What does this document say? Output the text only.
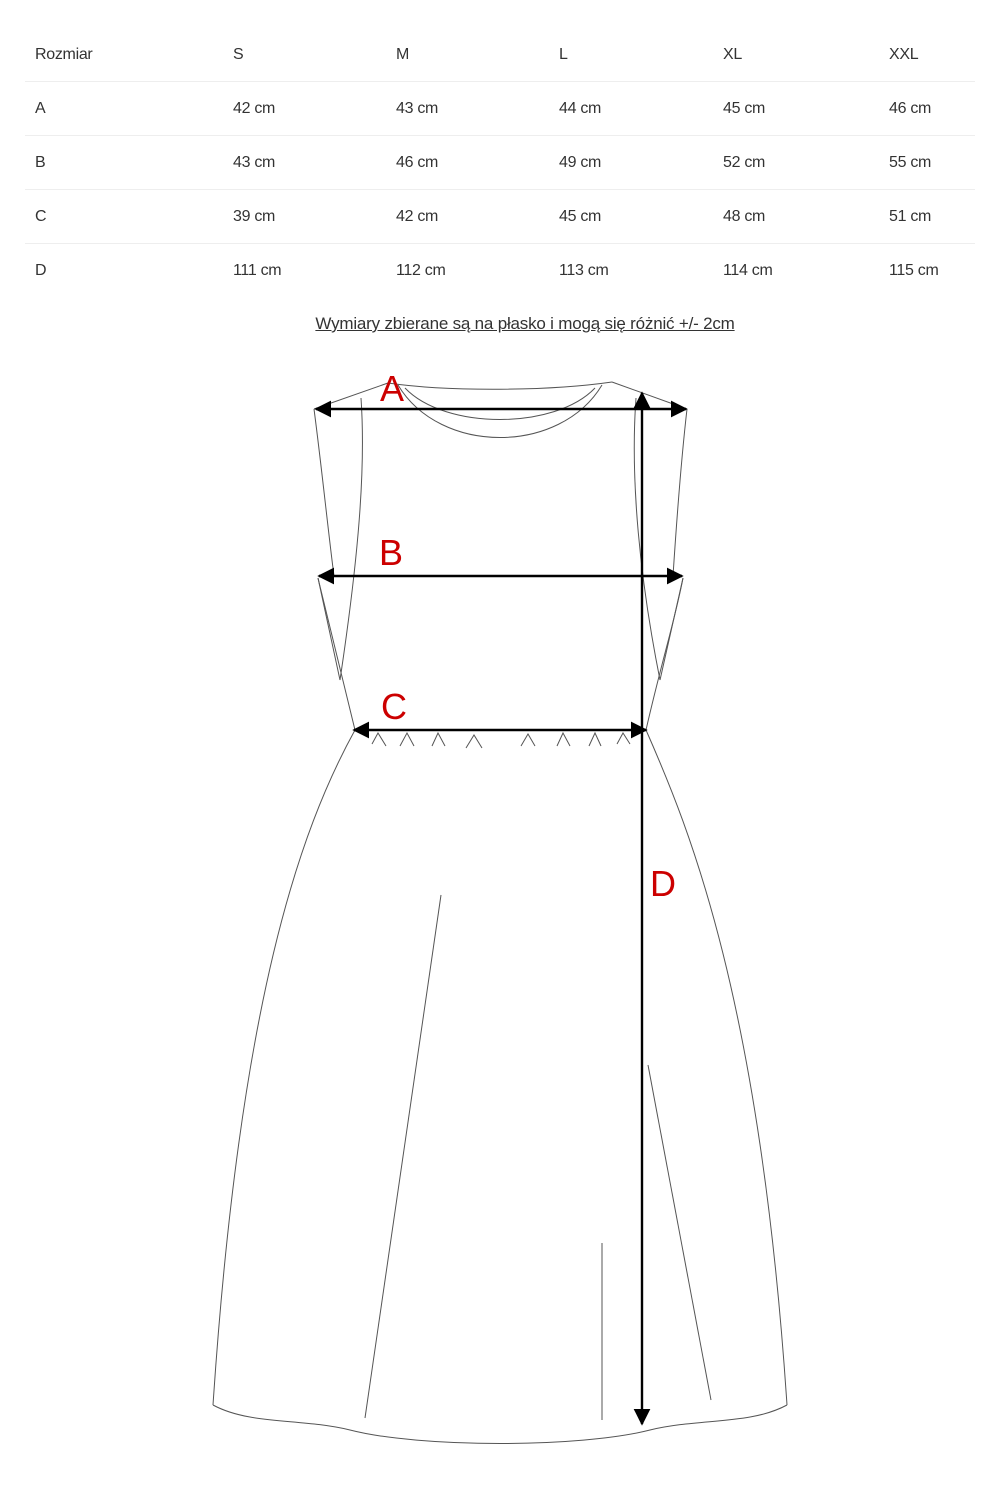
Rozmiar	S	M	L	XL	XXL
A	42 cm	43 cm	44 cm	45 cm	46 cm
B	43 cm	46 cm	49 cm	52 cm	55 cm
C	39 cm	42 cm	45 cm	48 cm	51 cm
D	111 cm	112 cm	113 cm	114 cm	115 cm
Wymiary zbierane są na płasko i mogą się różnić +/- 2cm
A
B
C
D
